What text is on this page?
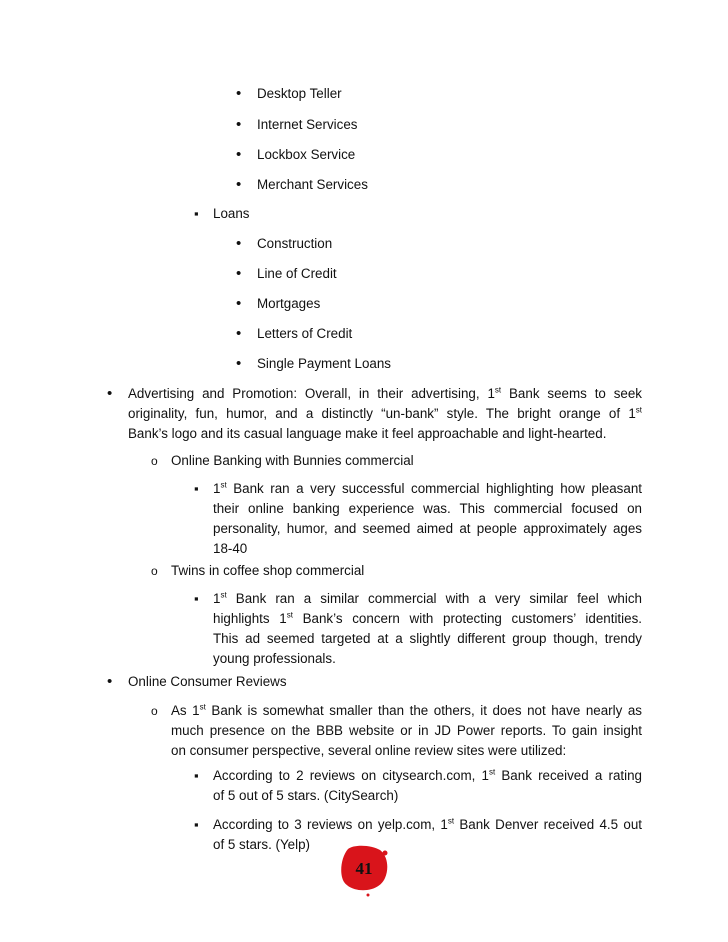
•
Desktop Teller
•
Internet Services
•
Lockbox Service
•
Merchant Services
▪
Loans
•
Construction
•
Line of Credit
•
Mortgages
•
Letters of Credit
•
Single Payment Loans
•
Advertising and Promotion: Overall, in their advertising, 1st Bank seems to seek
originality, fun, humor, and a distinctly “un-bank” style. The bright orange of 1st
Bank’s logo and its casual language make it feel approachable and light-hearted.
o
Online Banking with Bunnies commercial
▪
1st Bank ran a very successful commercial highlighting how pleasant
their online banking experience was. This commercial focused on
personality, humor, and seemed aimed at people approximately ages
18-40
o
Twins in coffee shop commercial
▪
1st Bank ran a similar commercial with a very similar feel which
highlights 1st Bank’s concern with protecting customers’ identities.
This ad seemed targeted at a slightly different group though, trendy
young professionals.
•
Online Consumer Reviews
o
As 1st Bank is somewhat smaller than the others, it does not have nearly as
much presence on the BBB website or in JD Power reports. To gain insight
on consumer perspective, several online review sites were utilized:
▪
According to 2 reviews on citysearch.com, 1st Bank received a rating
of 5 out of 5 stars. (CitySearch)
▪
According to 3 reviews on yelp.com, 1st Bank Denver received 4.5 out
of 5 stars. (Yelp)
41
